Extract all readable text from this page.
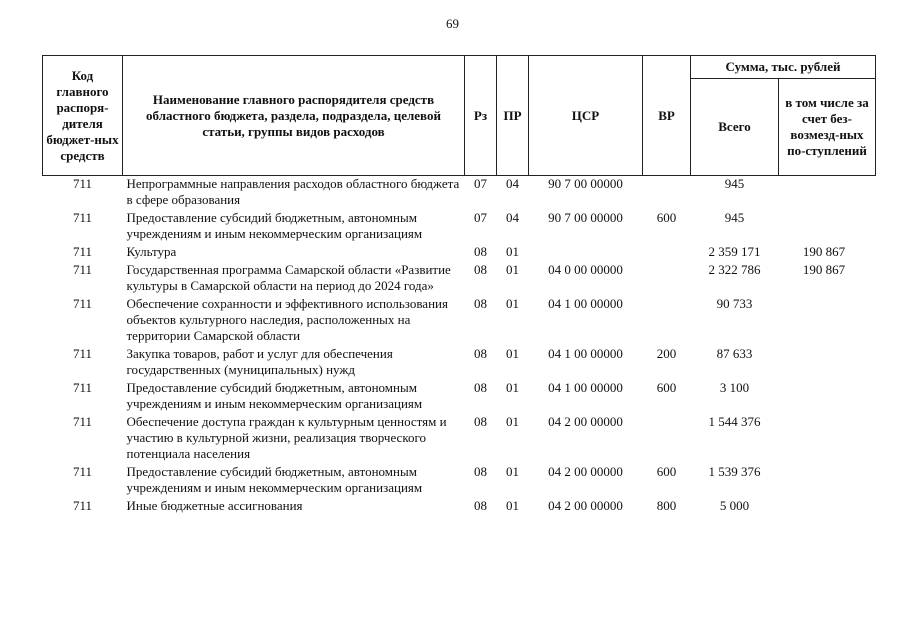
69
Код главного распоря-дителя бюджет-ных средств	Наименование главного распорядителя средств областного бюджета, раздела, подраздела, целевой статьи, группы видов расходов	Рз	ПР	ЦСР	ВР	Сумма, тыс. рублей	
						Всего	в том числе за счет без-возмезд-ных по-ступлений
711	Непрограммные направления расходов областного бюджета в сфере образования	07	04	90 7 00 00000		945	
711	Предоставление субсидий бюджетным, автономным учреждениям и иным некоммерческим организациям	07	04	90 7 00 00000	600	945	
711	Культура	08	01			2 359 171	190 867
711	Государственная программа Самарской области «Развитие культуры в Самарской области на период до 2024 года»	08	01	04 0 00 00000		2 322 786	190 867
711	Обеспечение сохранности и эффективного использования объектов культурного наследия, расположенных на территории Самарской области	08	01	04 1 00 00000		90 733	
711	Закупка товаров, работ и услуг для обеспечения государственных (муниципальных) нужд	08	01	04 1 00 00000	200	87 633	
711	Предоставление субсидий бюджетным, автономным учреждениям и иным некоммерческим организациям	08	01	04 1 00 00000	600	3 100	
711	Обеспечение доступа граждан к культурным ценностям и участию в культурной жизни, реализация творческого потенциала населения	08	01	04 2 00 00000		1 544 376	
711	Предоставление субсидий бюджетным, автономным учреждениям и иным некоммерческим организациям	08	01	04 2 00 00000	600	1 539 376	
711	Иные бюджетные ассигнования	08	01	04 2 00 00000	800	5 000	
